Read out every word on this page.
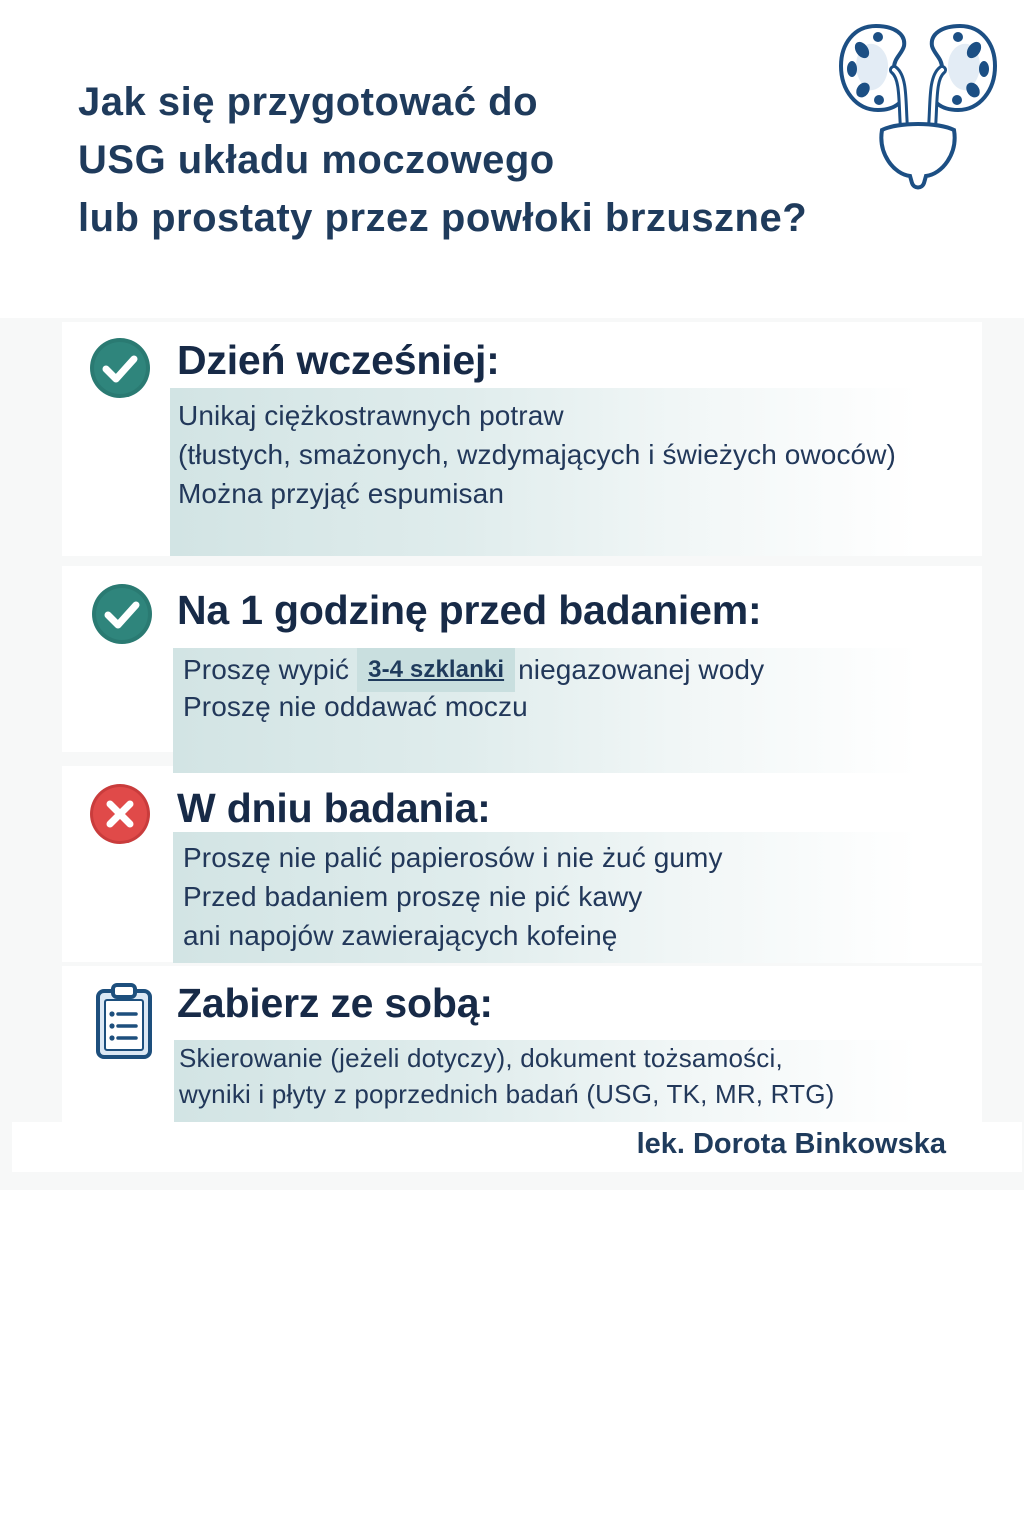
Jak się przygotować do
USG układu moczowego
lub prostaty przez powłoki brzuszne?
Dzień wcześniej:
Unikaj ciężkostrawnych potraw
(tłustych, smażonych, wzdymających i świeżych owoców)
Można przyjąć espumisan
Na 1 godzinę przed badaniem:
Proszę wypić 3-4 szklanki niegazowanej wody
Proszę nie oddawać moczu
W dniu badania:
Proszę nie palić papierosów i nie żuć gumy
Przed badaniem proszę nie pić kawy
ani napojów zawierających kofeinę
Zabierz ze sobą:
Skierowanie (jeżeli dotyczy), dokument tożsamości,
wyniki i płyty z poprzednich badań (USG, TK, MR, RTG)
lek. Dorota Binkowska
